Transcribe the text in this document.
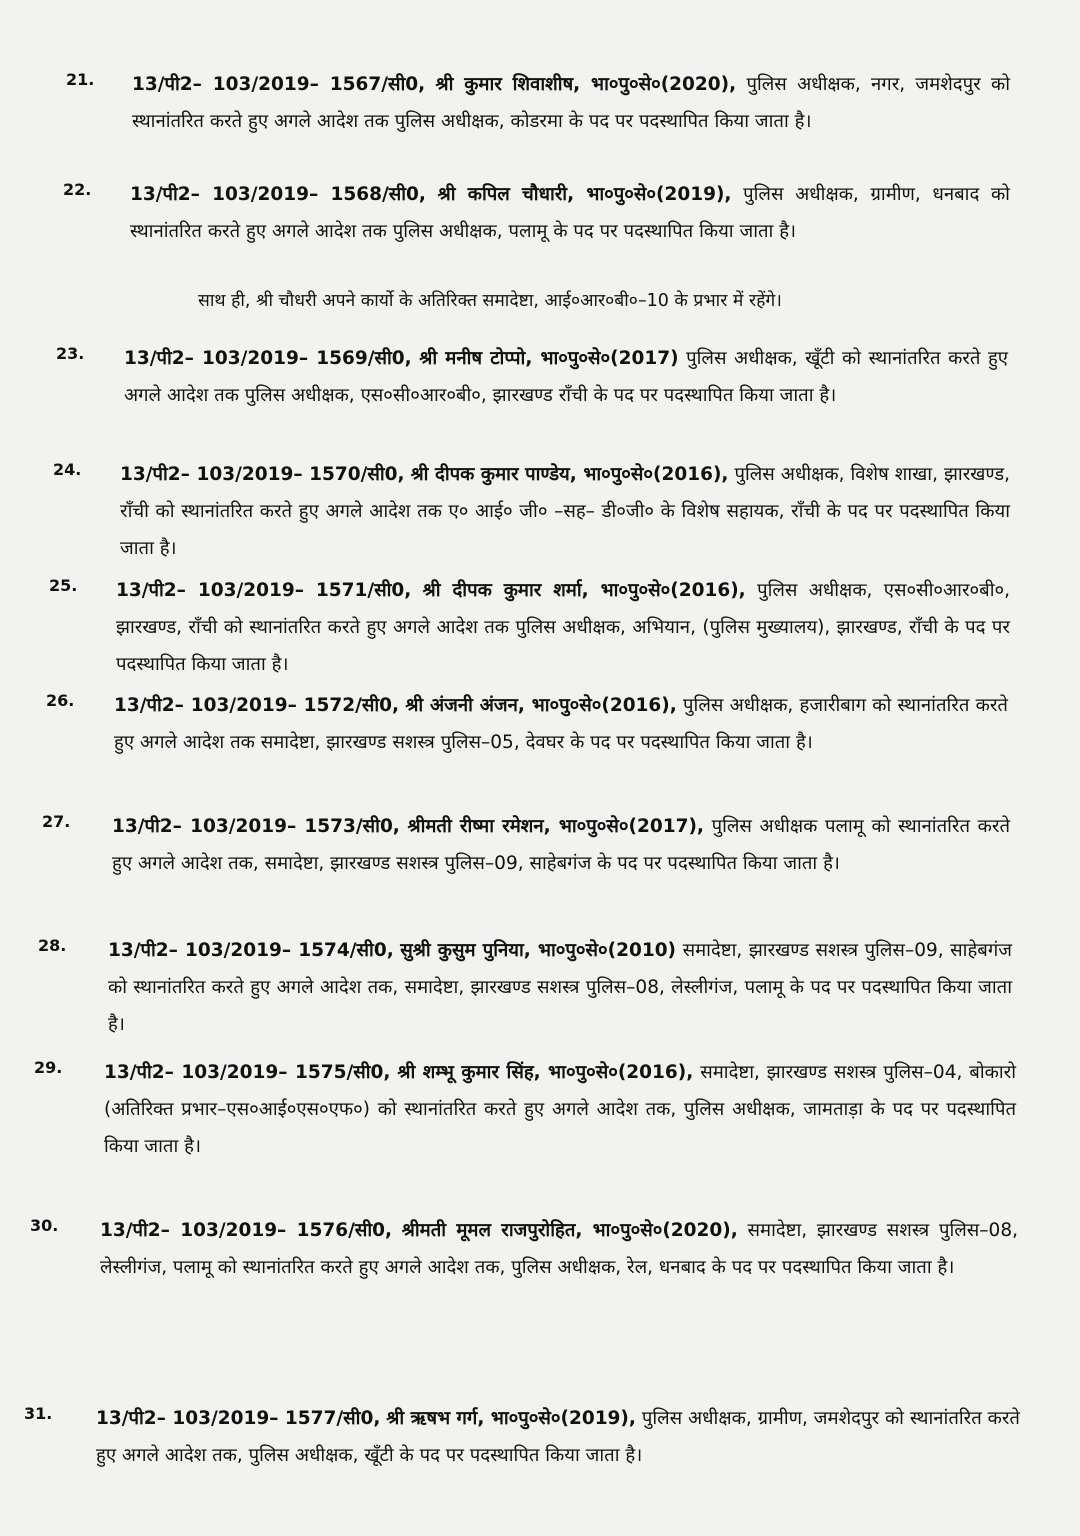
21. 13/पी2– 103/2019– 1567/सी0, श्री कुमार शिवाशीष, भा०पु०से०(2020), पुलिस अधीक्षक, नगर, जमशेदपुर को स्थानांतरित करते हुए अगले आदेश तक पुलिस अधीक्षक, कोडरमा के पद पर पदस्थापित किया जाता है।
22. 13/पी2– 103/2019– 1568/सी0, श्री कपिल चौधारी, भा०पु०से०(2019), पुलिस अधीक्षक, ग्रामीण, धनबाद को स्थानांतरित करते हुए अगले आदेश तक पुलिस अधीक्षक, पलामू के पद पर पदस्थापित किया जाता है।
साथ ही, श्री चौधरी अपने कार्यो के अतिरिक्त समादेष्टा, आई०आर०बी०–10 के प्रभार में रहेंगे।
23. 13/पी2– 103/2019– 1569/सी0, श्री मनीष टोप्पो, भा०पु०से०(2017) पुलिस अधीक्षक, खूँटी को स्थानांतरित करते हुए अगले आदेश तक पुलिस अधीक्षक, एस०सी०आर०बी०, झारखण्ड राँची के पद पर पदस्थापित किया जाता है।
24. 13/पी2– 103/2019– 1570/सी0, श्री दीपक कुमार पाण्डेय, भा०पु०से०(2016), पुलिस अधीक्षक, विशेष शाखा, झारखण्ड, राँची को स्थानांतरित करते हुए अगले आदेश तक ए० आई० जी० –सह– डी०जी० के विशेष सहायक, राँची के पद पर पदस्थापित किया जाता है।
25. 13/पी2– 103/2019– 1571/सी0, श्री दीपक कुमार शर्मा, भा०पु०से०(2016), पुलिस अधीक्षक, एस०सी०आर०बी०, झारखण्ड, राँची को स्थानांतरित करते हुए अगले आदेश तक पुलिस अधीक्षक, अभियान, (पुलिस मुख्यालय), झारखण्ड, राँची के पद पर पदस्थापित किया जाता है।
26. 13/पी2– 103/2019– 1572/सी0, श्री अंजनी अंजन, भा०पु०से०(2016), पुलिस अधीक्षक, हजारीबाग को स्थानांतरित करते हुए अगले आदेश तक समादेष्टा, झारखण्ड सशस्त्र पुलिस–05, देवघर के पद पर पदस्थापित किया जाता है।
27. 13/पी2– 103/2019– 1573/सी0, श्रीमती रीष्मा रमेशन, भा०पु०से०(2017), पुलिस अधीक्षक पलामू को स्थानांतरित करते हुए अगले आदेश तक, समादेष्टा, झारखण्ड सशस्त्र पुलिस–09, साहेबगंज के पद पर पदस्थापित किया जाता है।
28. 13/पी2– 103/2019– 1574/सी0, सुश्री कुसुम पुनिया, भा०पु०से०(2010) समादेष्टा, झारखण्ड सशस्त्र पुलिस–09, साहेबगंज को स्थानांतरित करते हुए अगले आदेश तक, समादेष्टा, झारखण्ड सशस्त्र पुलिस–08, लेस्लीगंज, पलामू के पद पर पदस्थापित किया जाता है।
29. 13/पी2– 103/2019– 1575/सी0, श्री शम्भू कुमार सिंह, भा०पु०से०(2016), समादेष्टा, झारखण्ड सशस्त्र पुलिस–04, बोकारो (अतिरिक्त प्रभार–एस०आई०एस०एफ०) को स्थानांतरित करते हुए अगले आदेश तक, पुलिस अधीक्षक, जामताड़ा के पद पर पदस्थापित किया जाता है।
30. 13/पी2– 103/2019– 1576/सी0, श्रीमती मूमल राजपुरोहित, भा०पु०से०(2020), समादेष्टा, झारखण्ड सशस्त्र पुलिस–08, लेस्लीगंज, पलामू को स्थानांतरित करते हुए अगले आदेश तक, पुलिस अधीक्षक, रेल, धनबाद के पद पर पदस्थापित किया जाता है।
31. 13/पी2– 103/2019– 1577/सी0, श्री ऋषभ गर्ग, भा०पु०से०(2019), पुलिस अधीक्षक, ग्रामीण, जमशेदपुर को स्थानांतरित करते हुए अगले आदेश तक, पुलिस अधीक्षक, खूँटी के पद पर पदस्थापित किया जाता है।
